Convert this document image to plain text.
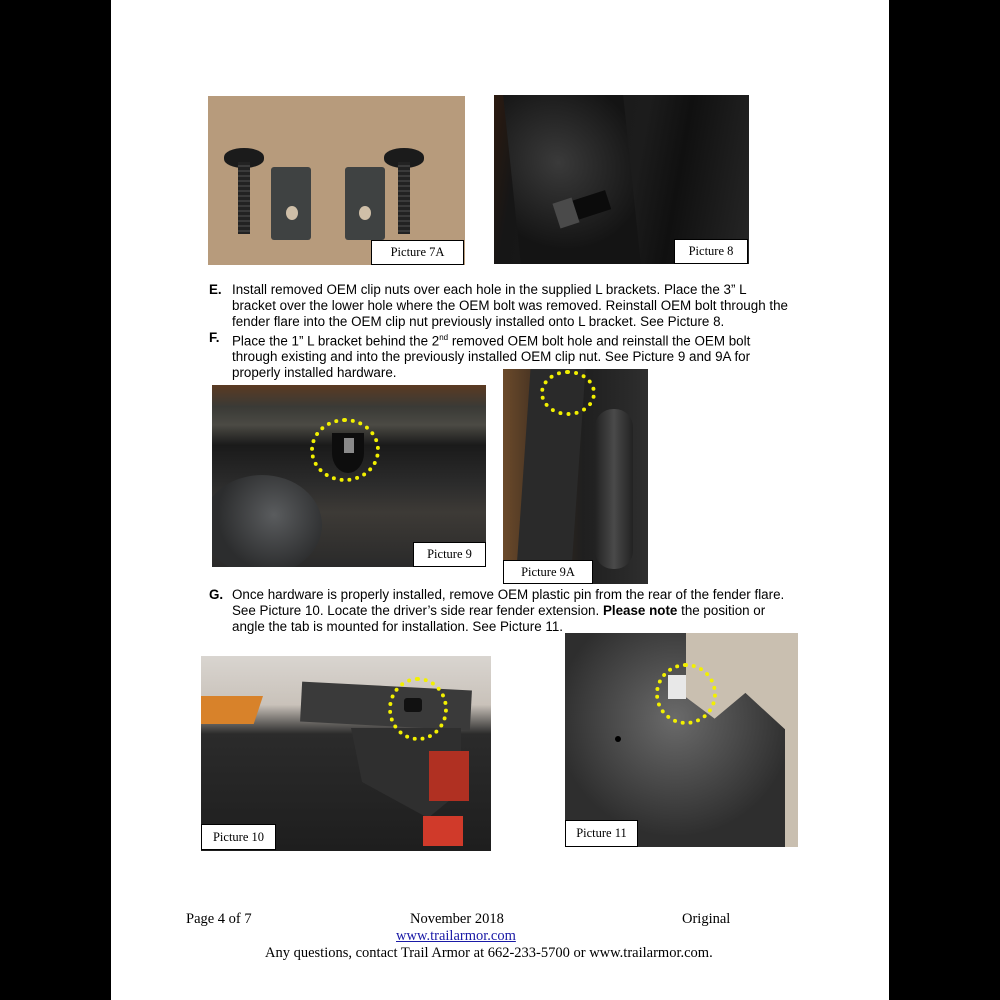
Picture 7A	Picture 8
E. Install removed OEM clip nuts over each hole in the supplied L brackets. Place the 3” L
bracket over the lower hole where the OEM bolt was removed. Reinstall OEM bolt through the
fender flare into the OEM clip nut previously installed onto L bracket. See Picture 8.
F. Place the 1” L bracket behind the 2nd removed OEM bolt hole and reinstall the OEM bolt
through existing and into the previously installed OEM clip nut. See Picture 9 and 9A for
properly installed hardware.
Picture 9
Picture 9A
G. Once hardware is properly installed, remove OEM plastic pin from the rear of the fender flare.
See Picture 10. Locate the driver’s side rear fender extension. Please note the position or
angle the tab is mounted for installation. See Picture 11.
Picture 10	Picture 11
Page 4 of 7	November 2018	Original
www.trailarmor.com
Any questions, contact Trail Armor at 662-233-5700 or www.trailarmor.com.
